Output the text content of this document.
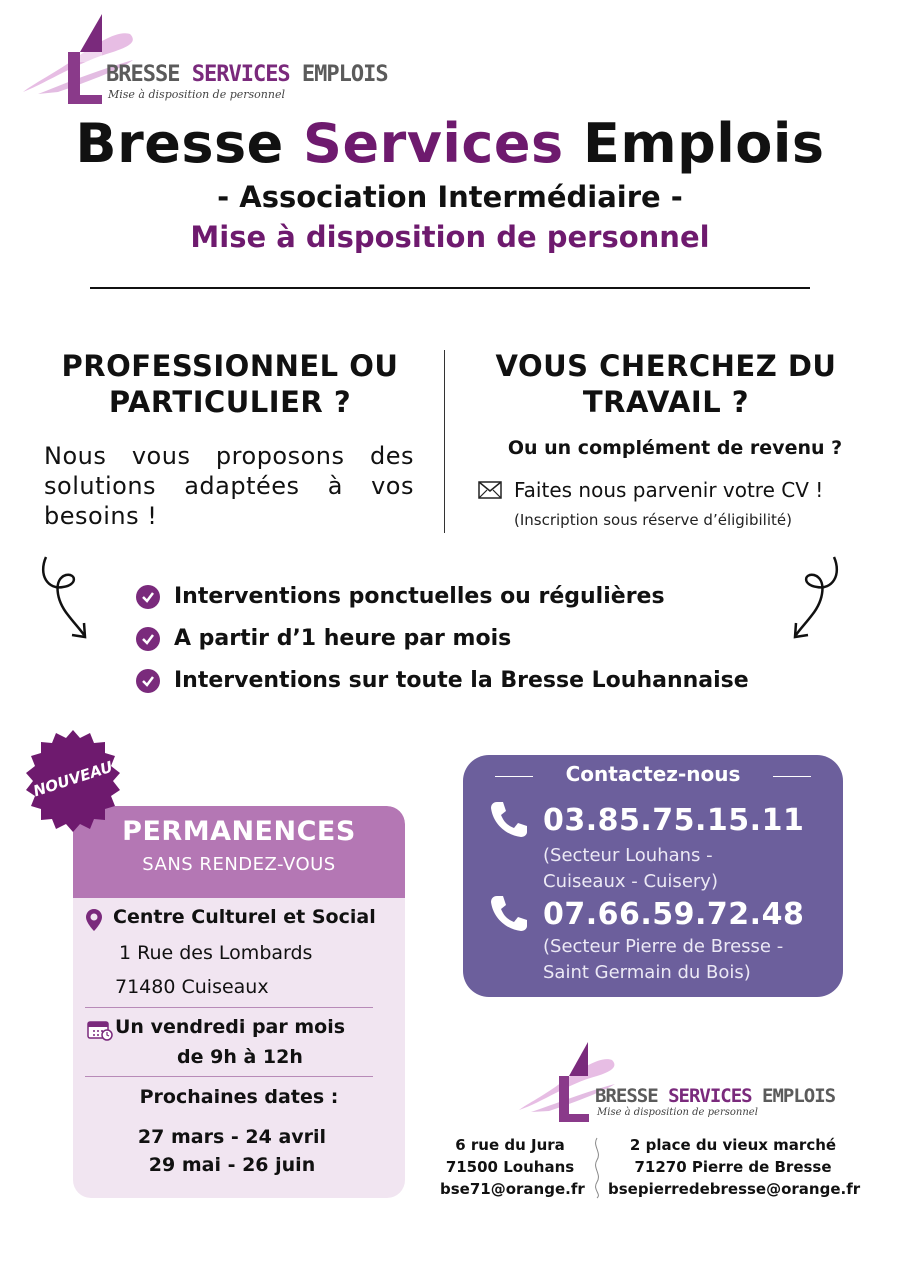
BRESSE SERVICES EMPLOIS
Mise à disposition de personnel
Bresse Services Emplois
- Association Intermédiaire -
Mise à disposition de personnel
PROFESSIONNEL OU
PARTICULIER ?
Nous vous proposons des solutions adaptées à vos besoins !
VOUS CHERCHEZ DU
TRAVAIL ?
Ou un complément de revenu ?
Faites nous parvenir votre CV !
(Inscription sous réserve d’éligibilité)
Interventions ponctuelles ou régulières
A partir d’1 heure par mois
Interventions sur toute la Bresse Louhannaise
PERMANENCES
SANS RENDEZ-VOUS
Centre Culturel et Social
1 Rue des Lombards
71480 Cuiseaux
Un vendredi par mois
de 9h à 12h
Prochaines dates :
27 mars - 24 avril
29 mai - 26 juin
NOUVEAU	Contactez-nous
03.85.75.15.11
(Secteur Louhans -
Cuiseaux - Cuisery)
07.66.59.72.48
(Secteur Pierre de Bresse -
Saint Germain du Bois)
BRESSE SERVICES EMPLOIS
Mise à disposition de personnel
6 rue du Jura
71500 Louhans
bse71@orange.fr
2 place du vieux marché
71270 Pierre de Bresse
bsepierredebresse@orange.fr
